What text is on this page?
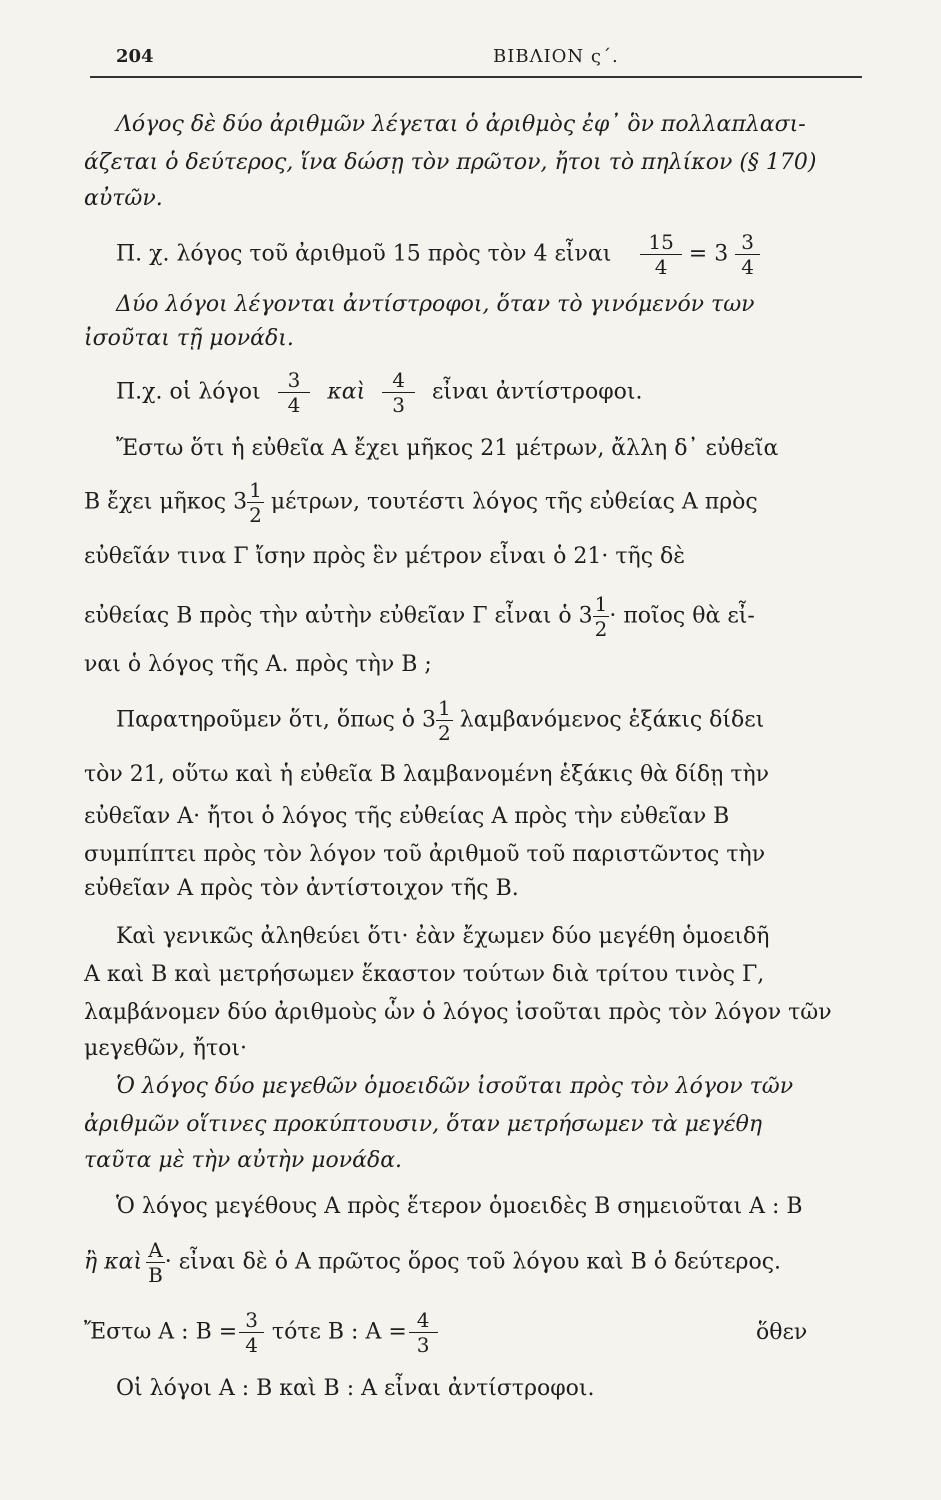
204	ΒΙΒΛΙΟΝ ς΄.
Λόγος δὲ δύο ἀριθμῶν λέγεται ὁ ἀριθμὸς ἐφ᾿ ὃν πολλαπλασι-
άζεται ὁ δεύτερος, ἵνα δώσῃ τὸν πρῶτον, ἤτοι τὸ πηλίκον (§ 170)
αὐτῶν.
Π. χ. λόγος τοῦ ἀριθμοῦ 15 πρὸς τὸν 4 εἶναι $\frac{15}{4} = 3 \frac{3}{4}$
Δύο λόγοι λέγονται ἀντίστροφοι, ὅταν τὸ γινόμενόν των
ἰσοῦται τῇ μονάδι.
Π.χ. οἱ λόγοι $\frac{3}{4}$ καὶ $\frac{4}{3}$ εἶναι ἀντίστροφοι.
Ἔστω ὅτι ἡ εὐθεῖα Α ἔχει μῆκος 21 μέτρων, ἄλλη δ᾿ εὐθεῖα
Β ἔχει μῆκος $3 \frac{1}{2} \mu έ\tau\rho\omega\nu$, τουτέστι λόγος τῆς εὐθείας Α πρὸς
εὐθεῖάν τινα Γ ἴσην πρὸς ἓν μέτρον εἶναι ὁ 21· τῆς δὲ
εὐθείας Β πρὸς τὴν αὐτὴν εὐθεῖαν Γ εἶναι ὁ $3 \frac{1}{2}$ · ποῖος θὰ εἶ-
ναι ὁ λόγος τῆς Α. πρὸς τὴν Β ;
Παρατηροῦμεν ὅτι, ὅπως ὁ $3 \frac{1}{2}$ λαμβανόμενος ἑξάκις δίδει
τὸν 21, οὕτω καὶ ἡ εὐθεῖα Β λαμβανομένη ἑξάκις θὰ δίδῃ τὴν
εὐθεῖαν Α· ἤτοι ὁ λόγος τῆς εὐθείας Α πρὸς τὴν εὐθεῖαν Β
συμπίπτει πρὸς τὸν λόγον τοῦ ἀριθμοῦ τοῦ παριστῶντος τὴν
εὐθεῖαν Α πρὸς τὸν ἀντίστοιχον τῆς Β.
Καὶ γενικῶς ἀληθεύει ὅτι· ἐὰν ἔχωμεν δύο μεγέθη ὁμοειδῆ
Α καὶ Β καὶ μετρήσωμεν ἕκαστον τούτων διὰ τρίτου τινὸς Γ,
λαμβάνομεν δύο ἀριθμοὺς ὧν ὁ λόγος ἰσοῦται πρὸς τὸν λόγον τῶν
μεγεθῶν, ἤτοι·
Ὁ λόγος δύο μεγεθῶν ὁμοειδῶν ἰσοῦται πρὸς τὸν λόγον τῶν
ἀριθμῶν οἵτινες προκύπτουσιν, ὅταν μετρήσωμεν τὰ μεγέθη
ταῦτα μὲ τὴν αὐτὴν μονάδα.
Ὁ λόγος μεγέθους Α πρὸς ἕτερον ὁμοειδὲς Β σημειοῦται Α : Β
ἢ καὶ $\frac{A}{B}$ · εἶναι δὲ ὁ Α πρῶτος ὅρος τοῦ λόγου καὶ Β ὁ δεύτερος.
Ἔστω Α : $B = \frac{3}{4}$ τότε Β : $A = \frac{4}{3}$	ὅθεν
Οἱ λόγοι Α : Β καὶ Β : Α εἶναι ἀντίστροφοι.
